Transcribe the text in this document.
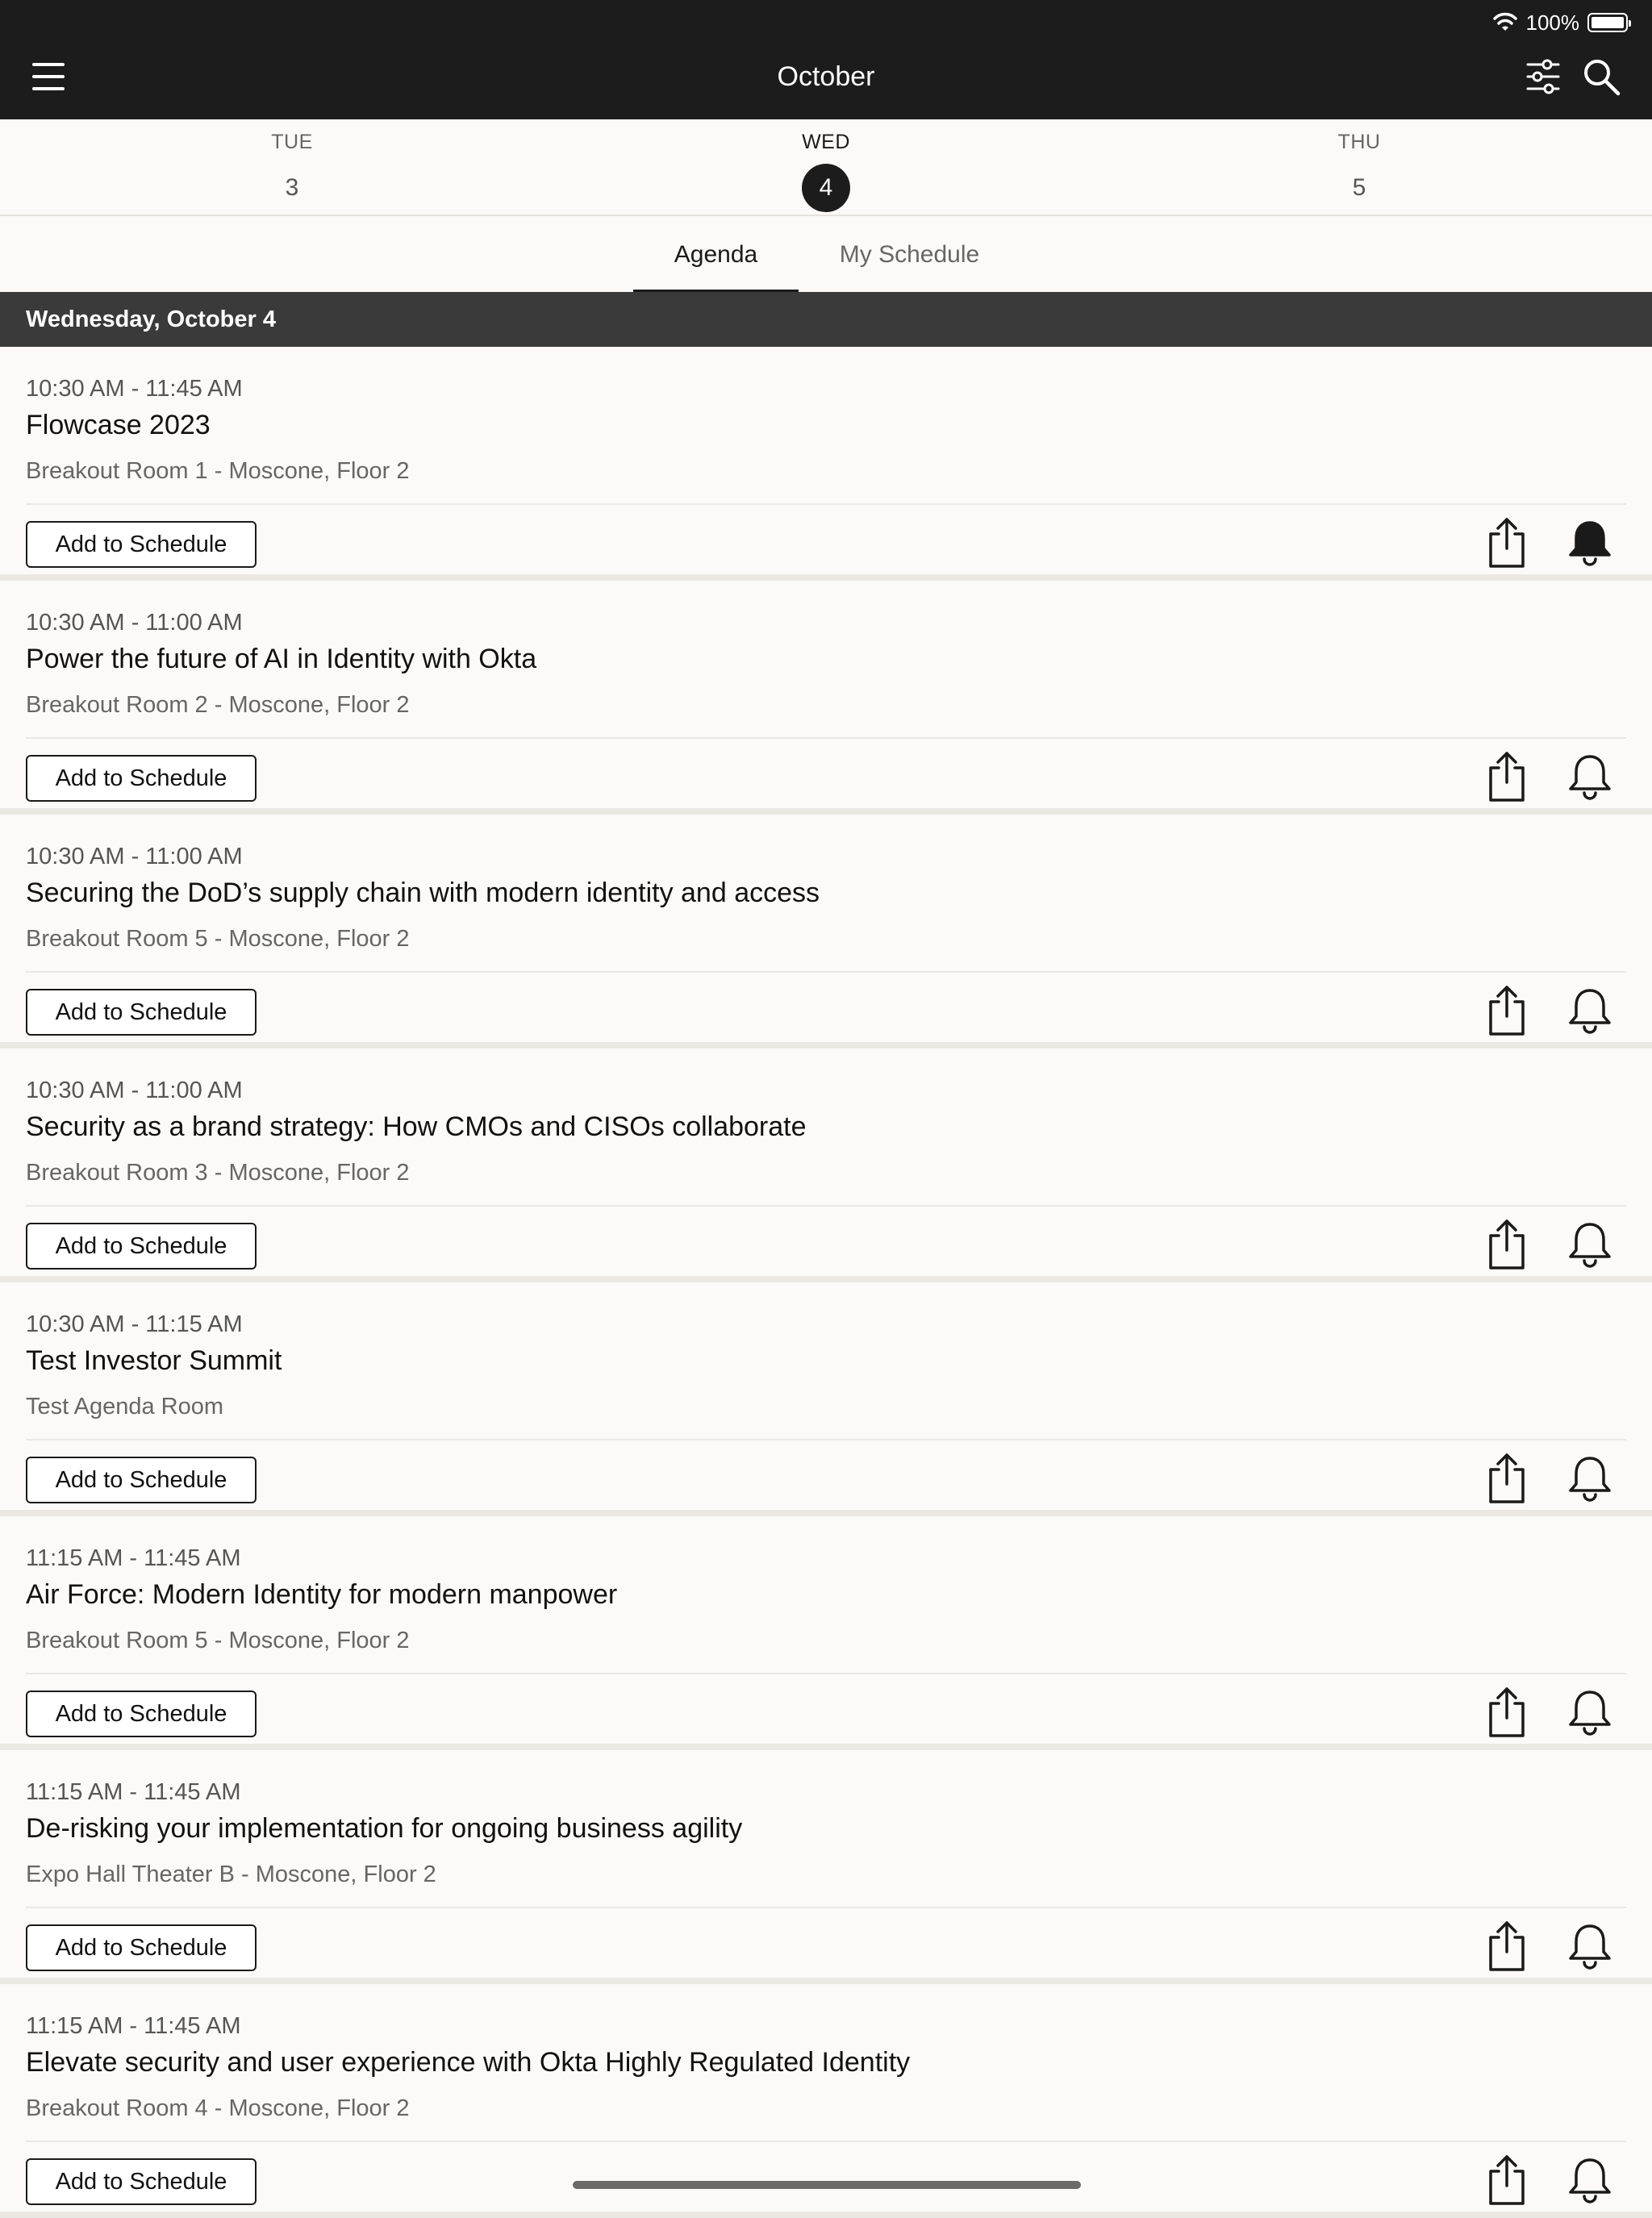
100%
October
TUE
3
WED
4
THU
5
Agenda	My Schedule
Wednesday, October 4
10:30 AM - 11:45 AM
Flowcase 2023
Breakout Room 1 - Moscone, Floor 2
Add to Schedule
10:30 AM - 11:00 AM
Power the future of AI in Identity with Okta
Breakout Room 2 - Moscone, Floor 2
Add to Schedule
10:30 AM - 11:00 AM
Securing the DoD’s supply chain with modern identity and access
Breakout Room 5 - Moscone, Floor 2
Add to Schedule
10:30 AM - 11:00 AM
Security as a brand strategy: How CMOs and CISOs collaborate
Breakout Room 3 - Moscone, Floor 2
Add to Schedule
10:30 AM - 11:15 AM
Test Investor Summit
Test Agenda Room
Add to Schedule
11:15 AM - 11:45 AM
Air Force: Modern Identity for modern manpower
Breakout Room 5 - Moscone, Floor 2
Add to Schedule
11:15 AM - 11:45 AM
De-risking your implementation for ongoing business agility
Expo Hall Theater B - Moscone, Floor 2
Add to Schedule
11:15 AM - 11:45 AM
Elevate security and user experience with Okta Highly Regulated Identity
Breakout Room 4 - Moscone, Floor 2
Add to Schedule
